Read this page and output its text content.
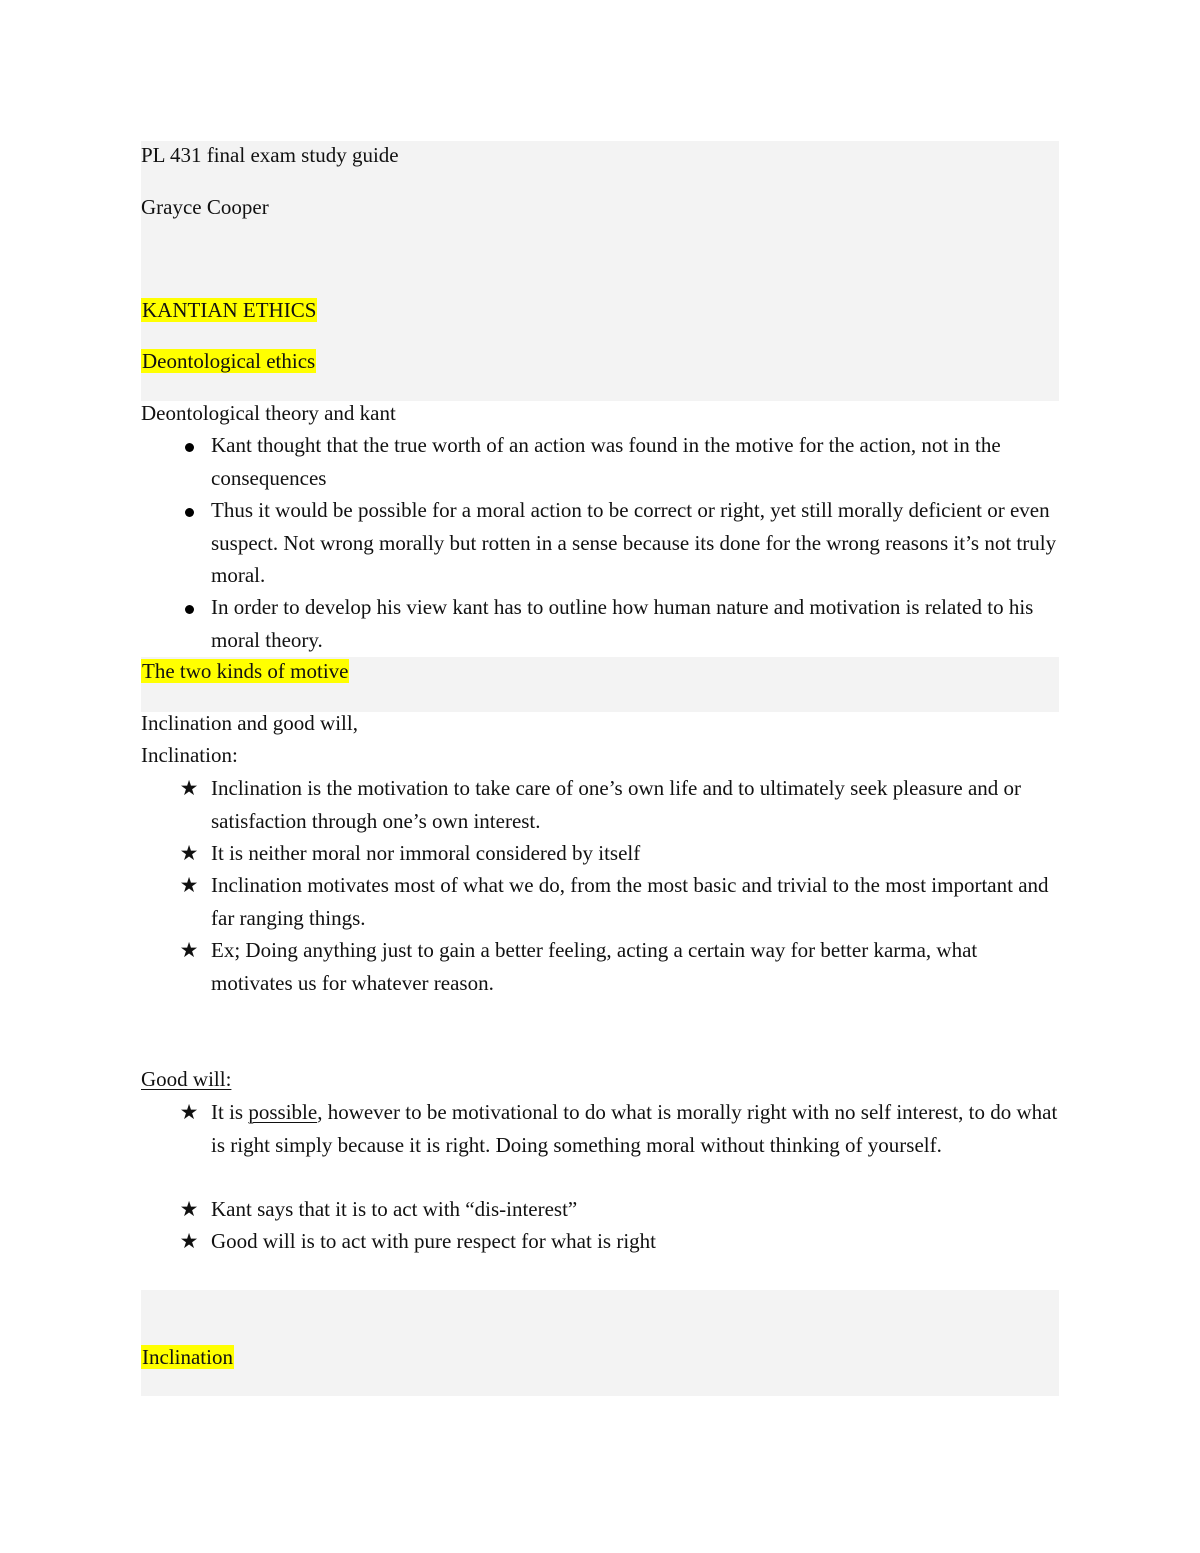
PL 431 final exam study guide
Grayce Cooper
KANTIAN ETHICS
Deontological ethics
Deontological theory and kant
Kant thought that the true worth of an action was found in the motive for the action, not in the consequences
Thus it would be possible for a moral action to be correct or right, yet still morally deficient or even suspect. Not wrong morally but rotten in a sense because its done for the wrong reasons it’s not truly moral.
In order to develop his view kant has to outline how human nature and motivation is related to his moral theory.
The two kinds of motive
Inclination and good will,
Inclination:
★ Inclination is the motivation to take care of one’s own life and to ultimately seek pleasure and or satisfaction through one’s own interest.
★ It is neither moral nor immoral considered by itself
★ Inclination motivates most of what we do, from the most basic and trivial to the most important and far ranging things.
★ Ex; Doing anything just to gain a better feeling, acting a certain way for better karma, what motivates us for whatever reason.
Good will:
★ It is possible, however to be motivational to do what is morally right with no self interest, to do what is right simply because it is right. Doing something moral without thinking of yourself.
★ Kant says that it is to act with “dis-interest”
★ Good will is to act with pure respect for what is right
Inclination
